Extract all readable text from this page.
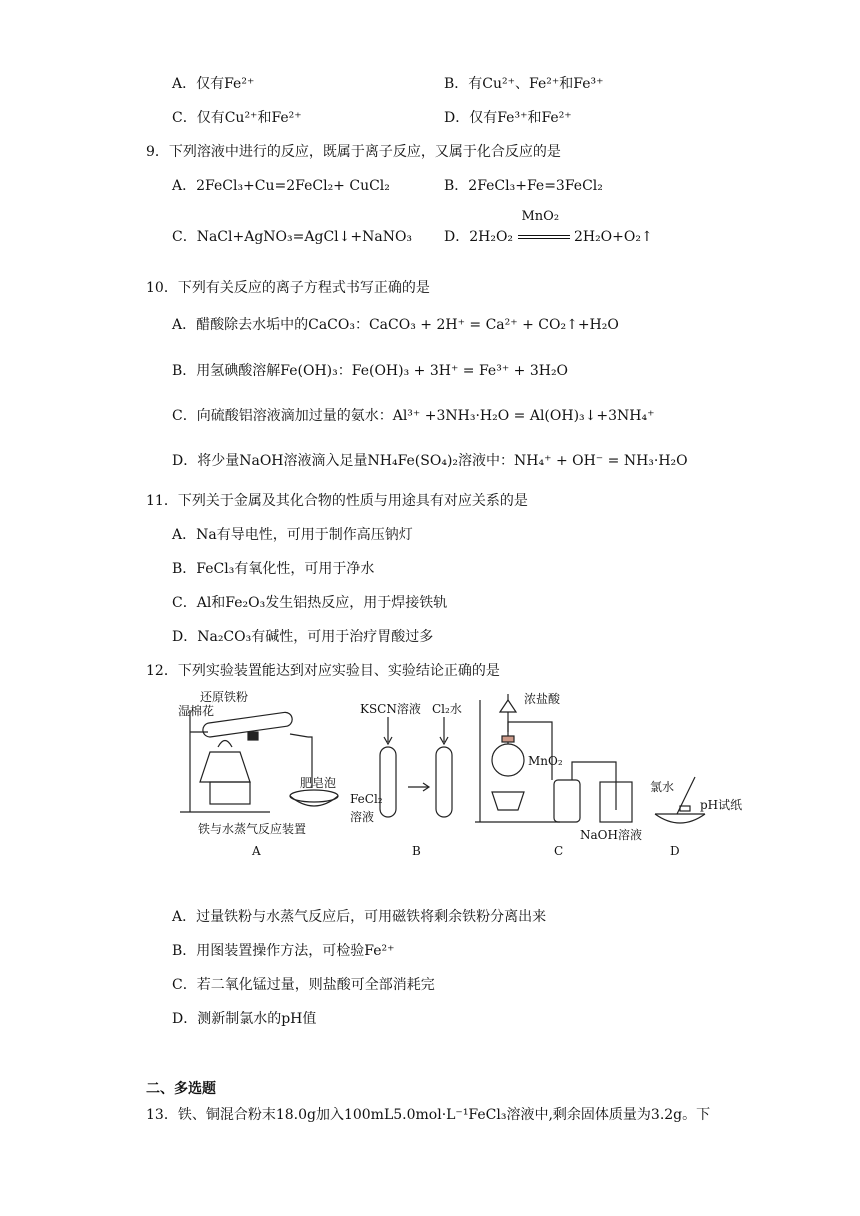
A．仅有Fe²⁺	B．有Cu²⁺、Fe²⁺和Fe³⁺
C．仅有Cu²⁺和Fe²⁺	D．仅有Fe³⁺和Fe²⁺
9．下列溶液中进行的反应，既属于离子反应，又属于化合反应的是
A．2FeCl₃+Cu=2FeCl₂+ CuCl₂	B．2FeCl₃+Fe=3FeCl₂
C．NaCl+AgNO₃=AgCl↓+NaNO₃ D．2H₂O₂
MnO₂
2H₂O+O₂↑
10．下列有关反应的离子方程式书写正确的是
A．醋酸除去水垢中的CaCO₃：CaCO₃ + 2H⁺ = Ca²⁺ + CO₂↑+H₂O
B．用氢碘酸溶解Fe(OH)₃：Fe(OH)₃ + 3H⁺ = Fe³⁺ + 3H₂O
C．向硫酸铝溶液滴加过量的氨水：Al³⁺ +3NH₃·H₂O = Al(OH)₃↓+3NH₄⁺
D．将少量NaOH溶液滴入足量NH₄Fe(SO₄)₂溶液中：NH₄⁺ + OH⁻ = NH₃·H₂O
11．下列关于金属及其化合物的性质与用途具有对应关系的是
A．Na有导电性，可用于制作高压钠灯
B．FeCl₃有氧化性，可用于净水
C．Al和Fe₂O₃发生铝热反应，用于焊接铁轨
D．Na₂CO₃有碱性，可用于治疗胃酸过多
12．下列实验装置能达到对应实验目、实验结论正确的是
湿棉花
还原铁粉
肥皂泡
铁与水蒸气反应装置
A
KSCN溶液 Cl₂水
FeCl₂
溶液
B
浓盐酸
MnO₂
NaOH溶液
C
氯水
pH试纸
D
A．过量铁粉与水蒸气反应后，可用磁铁将剩余铁粉分离出来
B．用图装置操作方法，可检验Fe²⁺
C．若二氧化锰过量，则盐酸可全部消耗完
D．测新制氯水的pH值
二、多选题
13．铁、铜混合粉末18.0g加入100mL5.0mol·L⁻¹FeCl₃溶液中,剩余固体质量为3.2g。下
